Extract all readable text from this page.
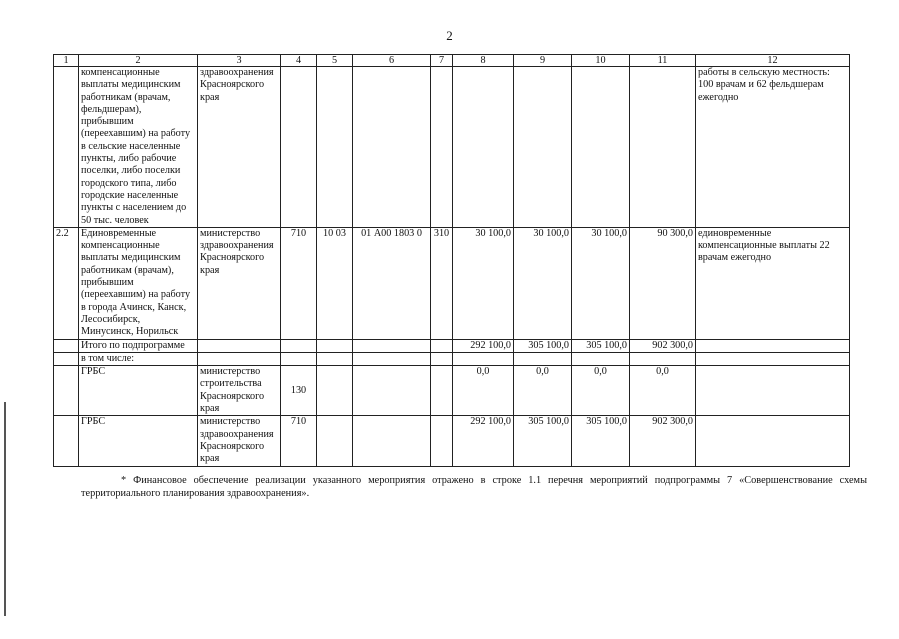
2
1	2	3	4	5	6	7	8	9	10	11	12
	компенсационные выплаты медицинским работникам (врачам, фельдшерам), прибывшим (переехавшим) на работу в сельские населенные пункты, либо рабочие поселки, либо поселки городского типа, либо городские населенные пункты с населением до 50 тыс. человек	здравоохранения Красноярского края									работы в сельскую местность: 100 врачам и 62 фельдшерам ежегодно
2.2	Единовременные компенсационные выплаты медицинским работникам (врачам), прибывшим (переехавшим) на работу в города Ачинск, Канск, Лесосибирск, Минусинск, Норильск	министерство здравоохранения Красноярского края	710	10 03	01 А00 1803 0	310	30 100,0	30 100,0	30 100,0	90 300,0	единовременные компенсационные выплаты 22 врачам ежегодно
	Итого по подпрограмме						292 100,0	305 100,0	305 100,0	902 300,0	
	в том числе:										
	ГРБС	министерство строительства Красноярского края	130				0,0	0,0	0,0	0,0	
	ГРБС	министерство здравоохранения Красноярского края	710				292 100,0	305 100,0	305 100,0	902 300,0	
* Финансовое обеспечение реализации указанного мероприятия отражено в строке 1.1 перечня мероприятий подпрограммы 7 «Совершенствование схемы территориального планирования здравоохранения».
